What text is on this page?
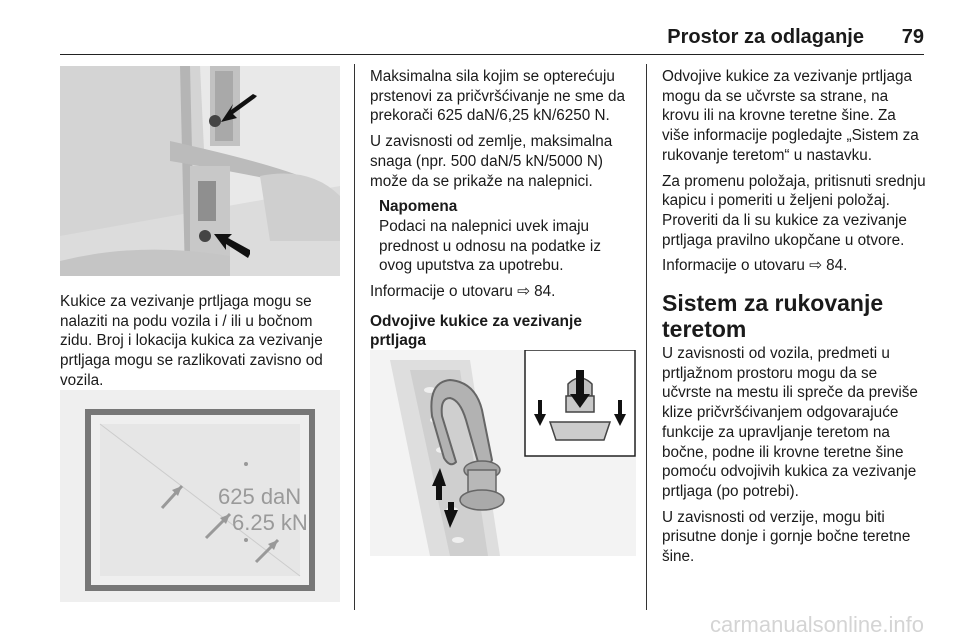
Prostor za odlaganje 79

Kukice za vezivanje prtljaga mogu se nalaziti na podu vozila i / ili u bočnom zidu. Broj i lokacija kukica za vezivanje prtljaga mogu se razlikovati zavisno od vozila.

625 daN
6.25 kN

Maksimalna sila kojim se opterećuju prstenovi za pričvršćivanje ne sme da prekorači 625 daN/6,25 kN/6250 N.

U zavisnosti od zemlje, maksimalna snaga (npr. 500 daN/5 kN/5000 N) može da se prikaže na nalepnici.

Napomena

Podaci na nalepnici uvek imaju prednost u odnosu na podatke iz ovog uputstva za upotrebu.

Informacije o utovaru ⇨ 84.

Odvojive kukice za vezivanje prtljaga

Odvojive kukice za vezivanje prtljaga mogu da se učvrste sa strane, na krovu ili na krovne teretne šine. Za više informacije pogledajte „Sistem za rukovanje teretom“ u nastavku.

Za promenu položaja, pritisnuti srednju kapicu i pomeriti u željeni položaj. Proveriti da li su kukice za vezivanje prtljaga pravilno ukopčane u otvore.

Informacije o utovaru ⇨ 84.

Sistem za rukovanje teretom

U zavisnosti od vozila, predmeti u prtljažnom prostoru mogu da se učvrste na mestu ili spreče da previše klize pričvršćivanjem odgovarajuće funkcije za upravljanje teretom na bočne, podne ili krovne teretne šine pomoću odvojivih kukica za vezivanje prtljaga (po potrebi).

U zavisnosti od verzije, mogu biti prisutne donje i gornje bočne teretne šine.

carmanualsonline.info
